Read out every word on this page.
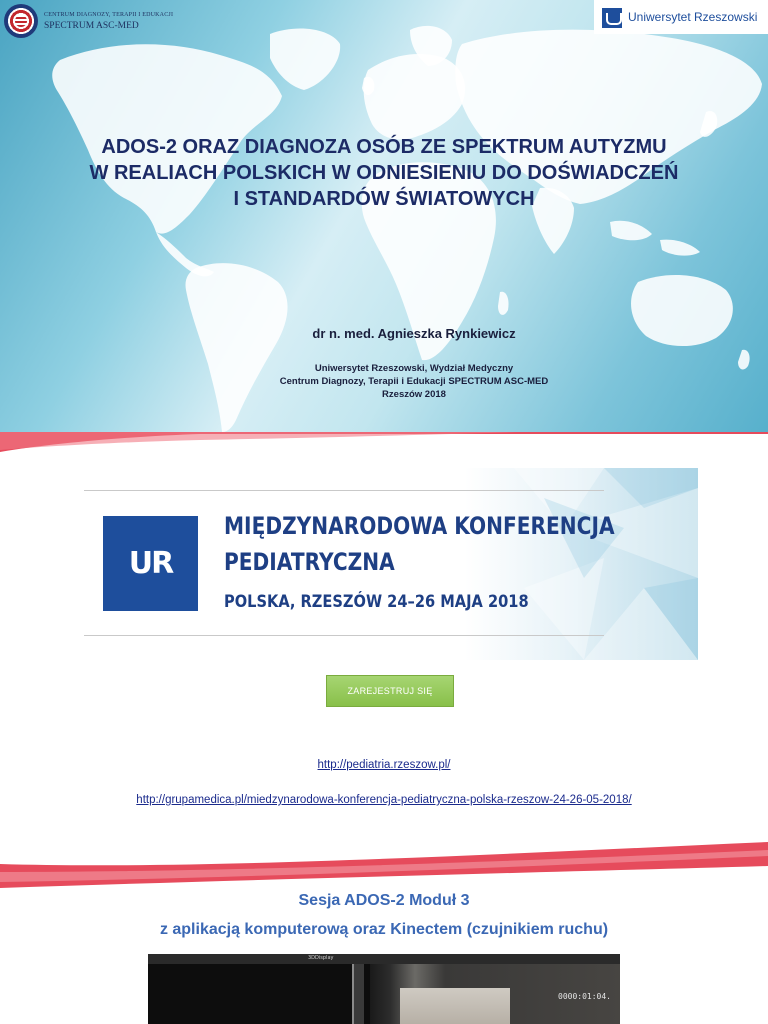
CENTRUM DIAGNOZY, TERAPII I EDUKACJI
SPECTRUM ASC-MED
Uniwersytet Rzeszowski
ADOS-2 ORAZ DIAGNOZA OSÓB ZE SPEKTRUM AUTYZMU
W REALIACH POLSKICH W ODNIESIENIU DO DOŚWIADCZEŃ
I STANDARDÓW ŚWIATOWYCH
dr n. med. Agnieszka Rynkiewicz
Uniwersytet Rzeszowski, Wydział Medyczny
Centrum Diagnozy, Terapii i Edukacji SPECTRUM ASC-MED
Rzeszów 2018
UR
MIĘDZYNARODOWA KONFERENCJA
PEDIATRYCZNA
POLSKA, RZESZÓW 24–26 MAJA 2018
ZAREJESTRUJ SIĘ
http://pediatria.rzeszow.pl/
http://grupamedica.pl/miedzynarodowa-konferencja-pediatryczna-polska-rzeszow-24-26-05-2018/
Sesja ADOS-2 Moduł 3
z aplikacją komputerową oraz Kinectem (czujnikiem ruchu)
3DDisplay
0000:01:04.
